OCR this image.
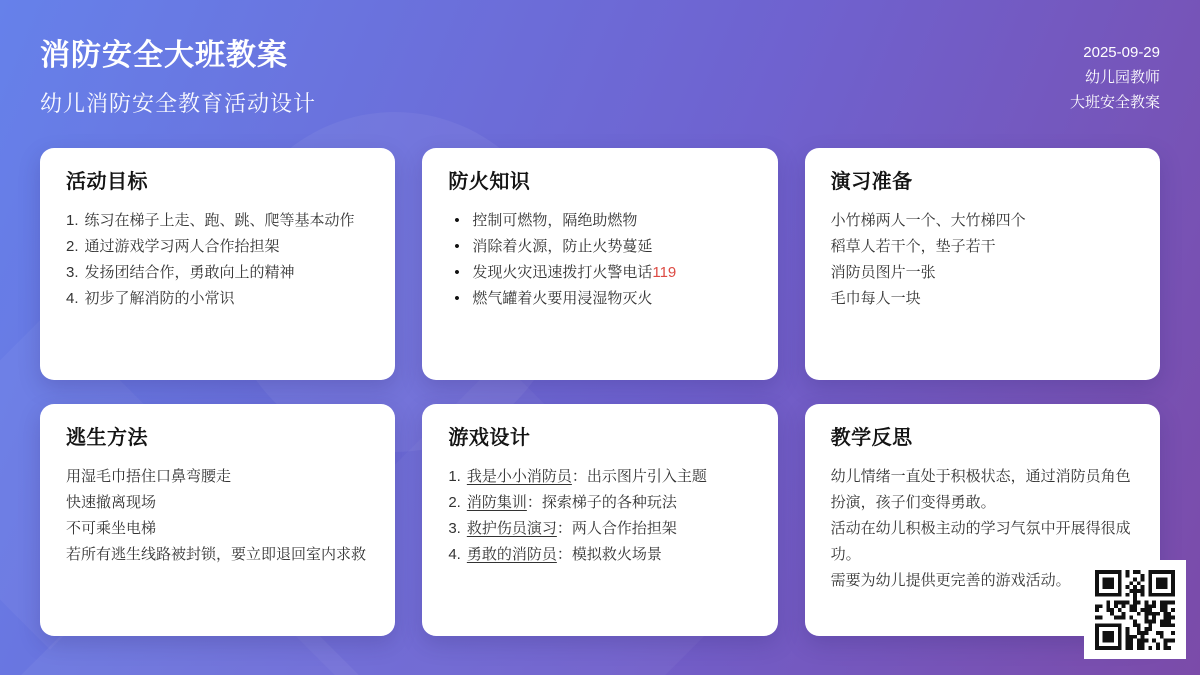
消防安全大班教案

幼儿消防安全教育活动设计

2025-09-29
幼儿园教师
大班安全教案
活动目标
1. 练习在梯子上走、跑、跳、爬等基本动作
2. 通过游戏学习两人合作抬担架
3. 发扬团结合作，勇敢向上的精神
4. 初步了解消防的小常识
防火知识
• 控制可燃物，隔绝助燃物
• 消除着火源，防止火势蔓延
• 发现火灾迅速拨打火警电话119
• 燃气罐着火要用浸湿物灭火
演习准备
小竹梯两人一个、大竹梯四个
稻草人若干个，垫子若干
消防员图片一张
毛巾每人一块
逃生方法
用湿毛巾捂住口鼻弯腰走
快速撤离现场
不可乘坐电梯
若所有逃生线路被封锁，要立即退回室内求救
游戏设计
1. 我是小小消防员：出示图片引入主题
2. 消防集训：探索梯子的各种玩法
3. 救护伤员演习：两人合作抬担架
4. 勇敢的消防员：模拟救火场景
教学反思

幼儿情绪一直处于积极状态，通过消防员角色扮演，孩子们变得勇敢。

活动在幼儿积极主动的学习气氛中开展得很成功。

需要为幼儿提供更完善的游戏活动。
